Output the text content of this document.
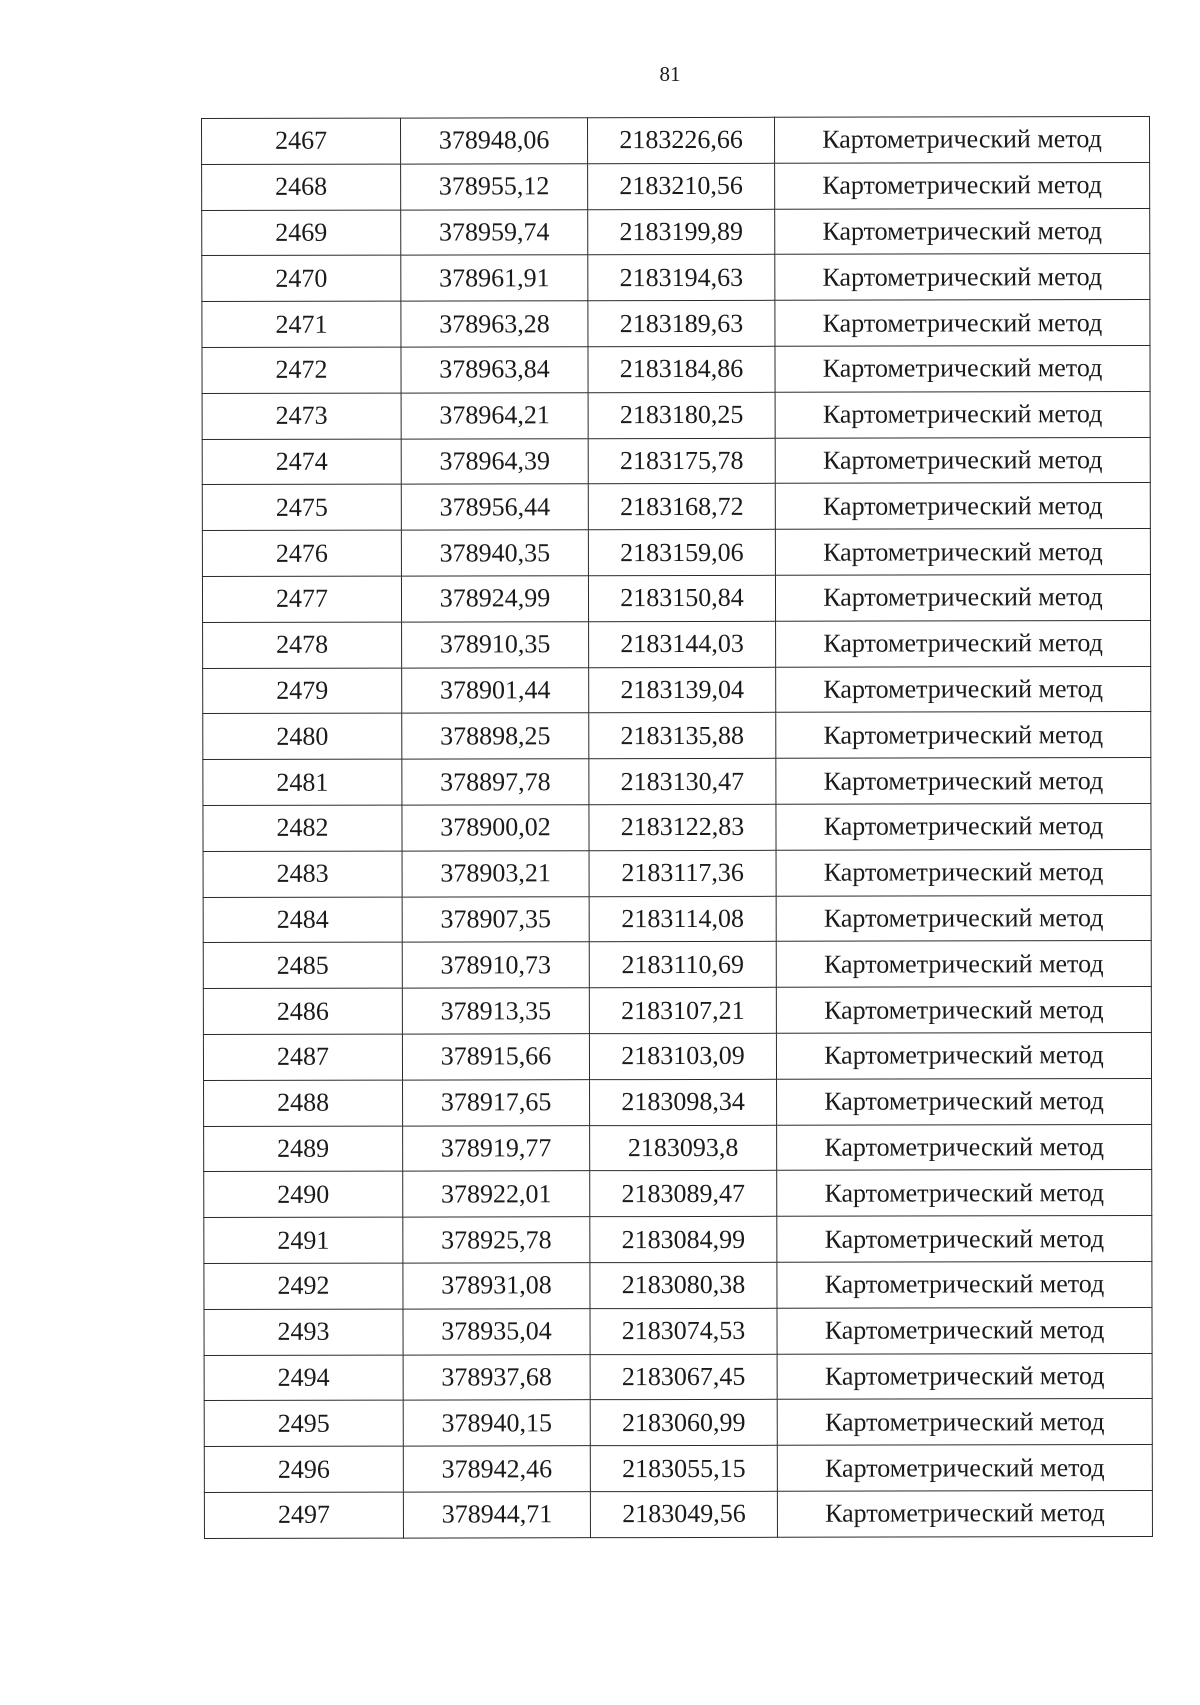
81
2467	378948,06	2183226,66	Картометрический метод
2468	378955,12	2183210,56	Картометрический метод
2469	378959,74	2183199,89	Картометрический метод
2470	378961,91	2183194,63	Картометрический метод
2471	378963,28	2183189,63	Картометрический метод
2472	378963,84	2183184,86	Картометрический метод
2473	378964,21	2183180,25	Картометрический метод
2474	378964,39	2183175,78	Картометрический метод
2475	378956,44	2183168,72	Картометрический метод
2476	378940,35	2183159,06	Картометрический метод
2477	378924,99	2183150,84	Картометрический метод
2478	378910,35	2183144,03	Картометрический метод
2479	378901,44	2183139,04	Картометрический метод
2480	378898,25	2183135,88	Картометрический метод
2481	378897,78	2183130,47	Картометрический метод
2482	378900,02	2183122,83	Картометрический метод
2483	378903,21	2183117,36	Картометрический метод
2484	378907,35	2183114,08	Картометрический метод
2485	378910,73	2183110,69	Картометрический метод
2486	378913,35	2183107,21	Картометрический метод
2487	378915,66	2183103,09	Картометрический метод
2488	378917,65	2183098,34	Картометрический метод
2489	378919,77	2183093,8	Картометрический метод
2490	378922,01	2183089,47	Картометрический метод
2491	378925,78	2183084,99	Картометрический метод
2492	378931,08	2183080,38	Картометрический метод
2493	378935,04	2183074,53	Картометрический метод
2494	378937,68	2183067,45	Картометрический метод
2495	378940,15	2183060,99	Картометрический метод
2496	378942,46	2183055,15	Картометрический метод
2497	378944,71	2183049,56	Картометрический метод
